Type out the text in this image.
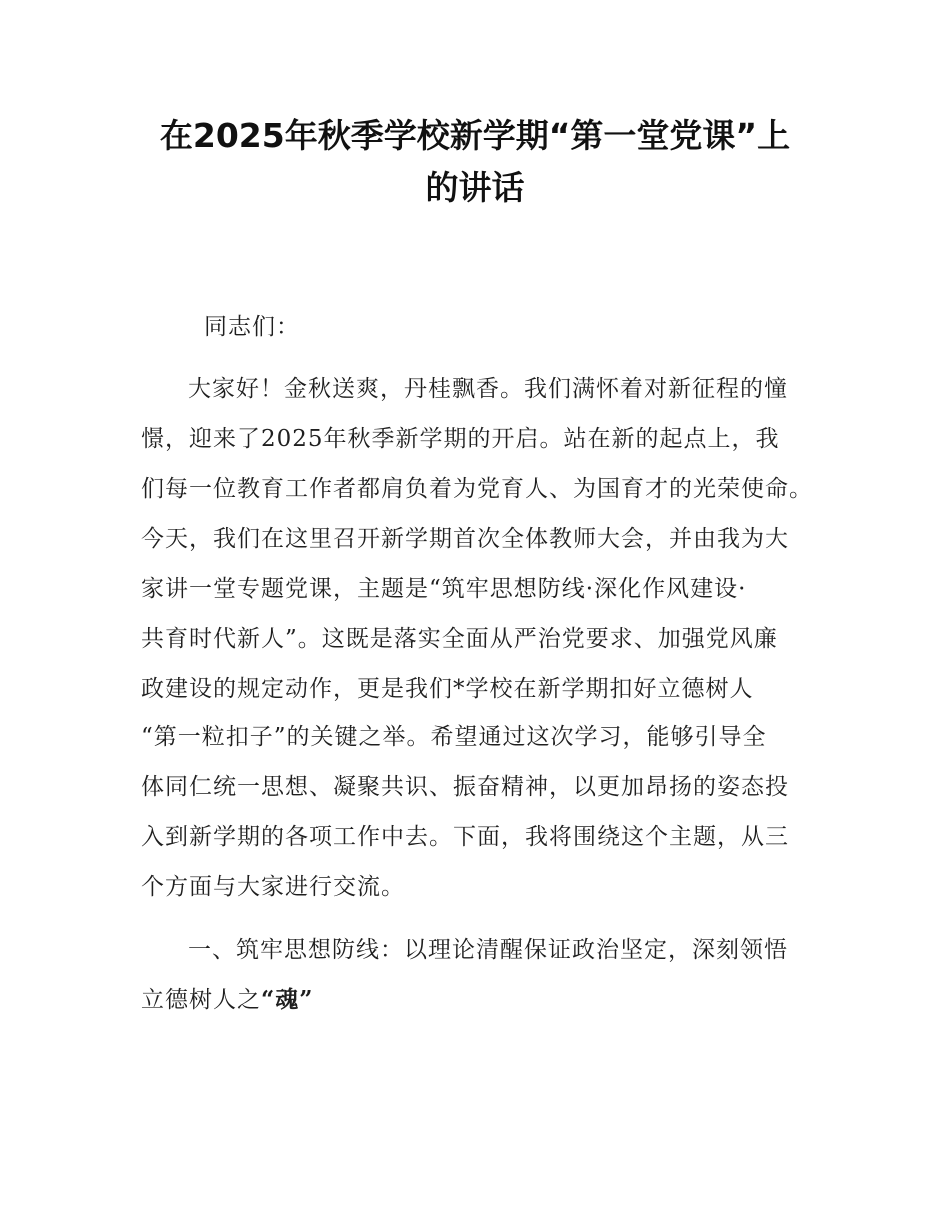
在2025年秋季学校新学期“第一堂党课”上
的讲话
同志们：
大家好！金秋送爽，丹桂飘香。我们满怀着对新征程的憧
憬，迎来了2025年秋季新学期的开启。站在新的起点上，我
们每一位教育工作者都肩负着为党育人、为国育才的光荣使命。
今天，我们在这里召开新学期首次全体教师大会，并由我为大
家讲一堂专题党课，主题是“筑牢思想防线·深化作风建设·
共育时代新人”。这既是落实全面从严治党要求、加强党风廉
政建设的规定动作，更是我们*学校在新学期扣好立德树人
“第一粒扣子”的关键之举。希望通过这次学习，能够引导全
体同仁统一思想、凝聚共识、振奋精神，以更加昂扬的姿态投
入到新学期的各项工作中去。下面，我将围绕这个主题，从三
个方面与大家进行交流。
一、筑牢思想防线：以理论清醒保证政治坚定，深刻领悟
立德树人之“魂”
